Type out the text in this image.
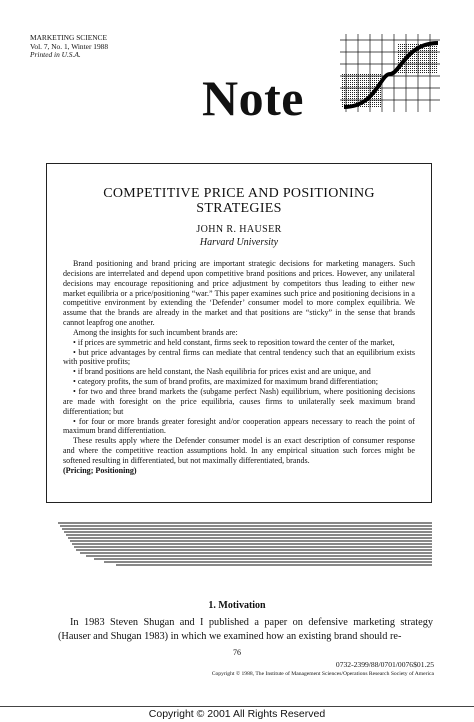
MARKETING SCIENCE
Vol. 7, No. 1, Winter 1988
Printed in U.S.A.
Note
COMPETITIVE PRICE AND POSITIONING
STRATEGIES
JOHN R. HAUSER
Harvard University

Brand positioning and brand pricing are important strategic decisions for marketing managers. Such decisions are interrelated and depend upon competitive brand positions and prices. However, any unilateral decisions may encourage repositioning and price adjustment by competitors thus leading to either new market equilibria or a price/positioning “war.” This paper examines such price and positioning decisions in a competitive environment by extending the ‘Defender’ consumer model to more complex equilibria. We assume that the brands are already in the market and that positions are “sticky” in the sense that brands cannot leapfrog one another.

Among the insights for such incumbent brands are:

• if prices are symmetric and held constant, firms seek to reposition toward the center of the market,

• but price advantages by central firms can mediate that central tendency such that an equilibrium exists with positive profits;

• if brand positions are held constant, the Nash equilibria for prices exist and are unique, and

• category profits, the sum of brand profits, are maximized for maximum brand differentiation;

• for two and three brand markets the (subgame perfect Nash) equilibrium, where positioning decisions are made with foresight on the price equilibria, causes firms to unilaterally seek maximum brand differentiation; but

• for four or more brands greater foresight and/or cooperation appears necessary to reach the point of maximum brand differentiation.

These results apply where the Defender consumer model is an exact description of consumer response and where the competitive reaction assumptions hold. In any empirical situation such forces might be softened resulting in differentiated, but not maximally differentiated, brands.

(Pricing; Positioning)

1. Motivation
In 1983 Steven Shugan and I published a paper on defensive marketing strategy (Hauser and Shugan 1983) in which we examined how an existing brand should re-
76
0732-2399/88/0701/0076$01.25
Copyright © 1988, The Institute of Management Sciences/Operations Research Society of America
Copyright © 2001 All Rights Reserved
